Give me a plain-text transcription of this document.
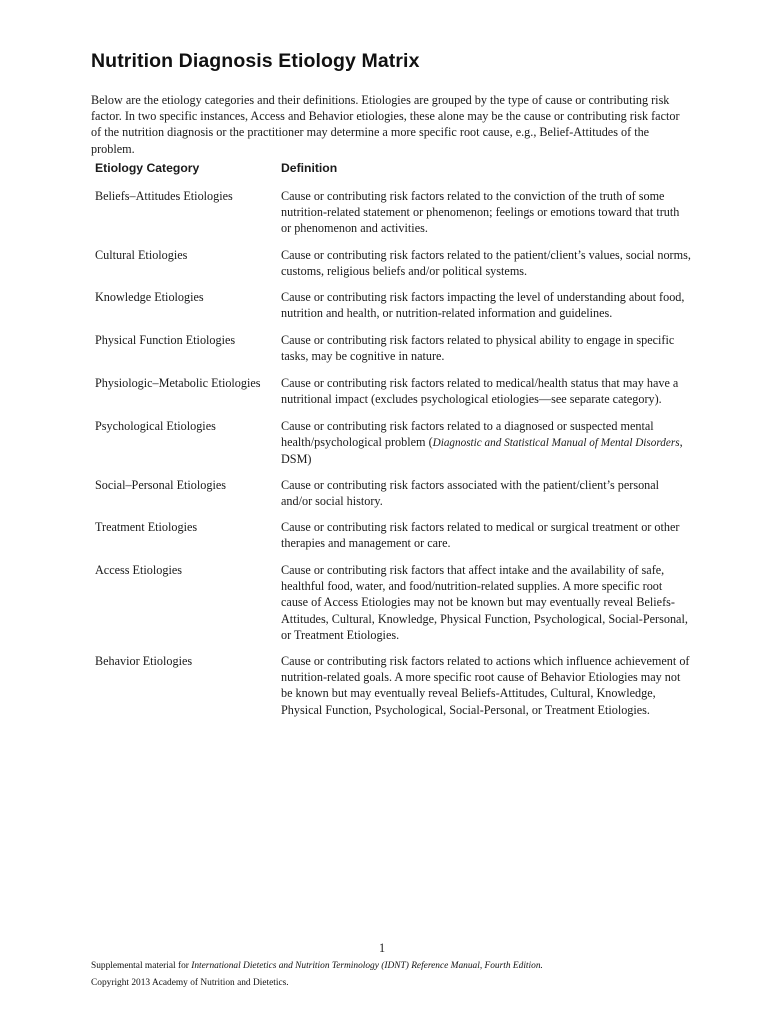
Nutrition Diagnosis Etiology Matrix

Below are the etiology categories and their definitions. Etiologies are grouped by the type of cause or contributing risk factor. In two specific instances, Access and Behavior etiologies, these alone may be the cause or contributing risk factor of the nutrition diagnosis or the practitioner may determine a more specific root cause, e.g., Belief-Attitudes of the problem.

Etiology Category	Definition
Beliefs–Attitudes Etiologies	Cause or contributing risk factors related to the conviction of the truth of some nutrition-related statement or phenomenon; feelings or emotions toward that truth or phenomenon and activities.
Cultural Etiologies	Cause or contributing risk factors related to the patient/client’s values, social norms, customs, religious beliefs and/or political systems.
Knowledge Etiologies	Cause or contributing risk factors impacting the level of understanding about food, nutrition and health, or nutrition-related information and guidelines.
Physical Function Etiologies	Cause or contributing risk factors related to physical ability to engage in specific tasks, may be cognitive in nature.
Physiologic–Metabolic Etiologies	Cause or contributing risk factors related to medical/health status that may have a nutritional impact (excludes psychological etiologies—see separate category).
Psychological Etiologies	Cause or contributing risk factors related to a diagnosed or suspected mental health/psychological problem (Diagnostic and Statistical Manual of Mental Disorders, DSM)
Social–Personal Etiologies	Cause or contributing risk factors associated with the patient/client’s personal and/or social history.
Treatment Etiologies	Cause or contributing risk factors related to medical or surgical treatment or other therapies and management or care.
Access Etiologies	Cause or contributing risk factors that affect intake and the availability of safe, healthful food, water, and food/nutrition-related supplies. A more specific root cause of Access Etiologies may not be known but may eventually reveal Beliefs-Attitudes, Cultural, Knowledge, Physical Function, Psychological, Social-Personal, or Treatment Etiologies.
Behavior Etiologies	Cause or contributing risk factors related to actions which influence achievement of nutrition-related goals. A more specific root cause of Behavior Etiologies may not be known but may eventually reveal Beliefs-Attitudes, Cultural, Knowledge, Physical Function, Psychological, Social-Personal, or Treatment Etiologies.
1
Supplemental material for International Dietetics and Nutrition Terminology (IDNT) Reference Manual, Fourth Edition.
Copyright 2013 Academy of Nutrition and Dietetics.
